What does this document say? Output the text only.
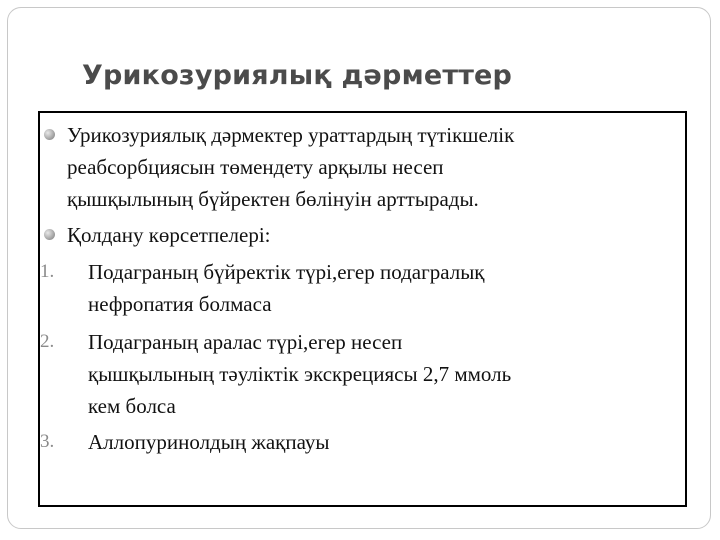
Урикозуриялық дәрметтер
Урикозуриялық дәрмектер ураттардың түтікшелік
реабсорбциясын төмендету арқылы несеп
қышқылының бүйректен бөлінуін арттырады.
Қолдану көрсетпелері:
1. Подаграның бүйректік түрі,егер подагралық
нефропатия болмаса
2. Подаграның аралас түрі,егер несеп
қышқылының тәуліктік экскрециясы 2,7 ммоль
кем болса
3. Аллопуринолдың жақпауы
